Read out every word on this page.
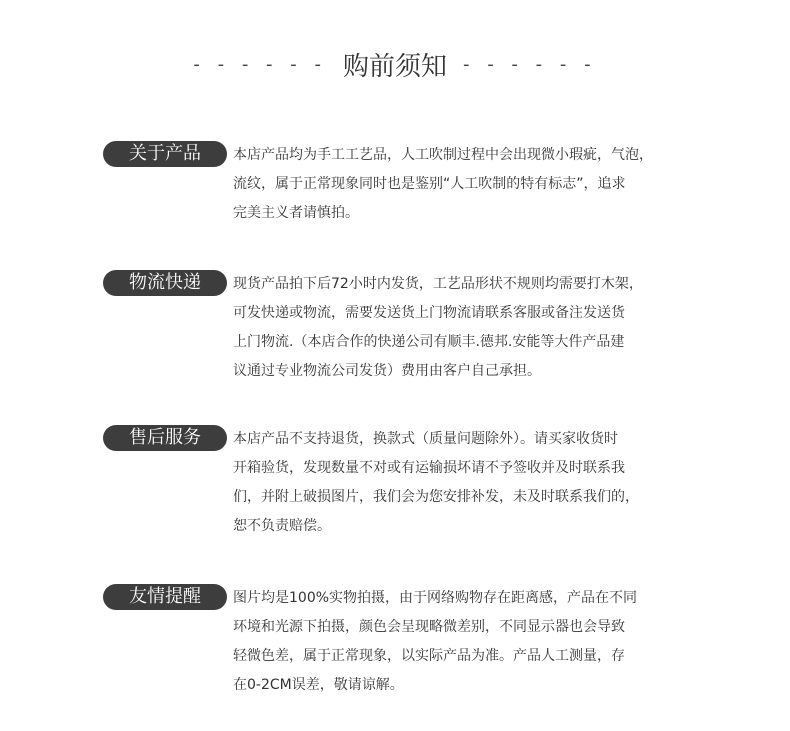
- - - - - - 购前须知 - - - - - -
关于产品	本店产品均为手工工艺品，人工吹制过程中会出现微小瑕疵，气泡，
流纹，属于正常现象同时也是鉴别“人工吹制的特有标志”，追求
完美主义者请慎拍。
物流快递	现货产品拍下后72小时内发货，工艺品形状不规则均需要打木架，
可发快递或物流，需要发送货上门物流请联系客服或备注发送货
上门物流.（本店合作的快递公司有顺丰.德邦.安能等大件产品建
议通过专业物流公司发货）费用由客户自己承担。
售后服务	本店产品不支持退货，换款式（质量问题除外）。请买家收货时
开箱验货，发现数量不对或有运输损坏请不予签收并及时联系我
们，并附上破损图片，我们会为您安排补发，未及时联系我们的，
恕不负责赔偿。
友情提醒	图片均是100%实物拍摄，由于网络购物存在距离感，产品在不同
环境和光源下拍摄，颜色会呈现略微差别，不同显示器也会导致
轻微色差，属于正常现象，以实际产品为准。产品人工测量，存
在0-2CM误差，敬请谅解。
